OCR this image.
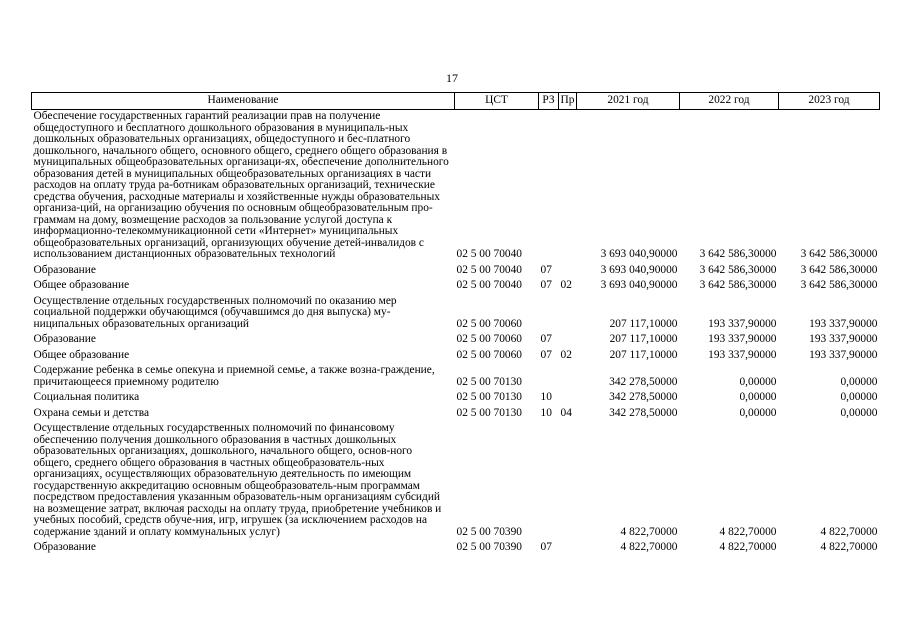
17
Наименование	ЦСТ	РЗ	Пр	2021 год	2022 год	2023 год
Обеспечение государственных гарантий реализации прав на получение общедоступного и бесплатного дошкольного образования в муниципаль-ных дошкольных образовательных организациях, общедоступного и бес-платного дошкольного, начального общего, основного общего, среднего общего образования в муниципальных общеобразовательных организаци-ях, обеспечение дополнительного образования детей в муниципальных общеобразовательных организациях в части расходов на оплату труда ра-ботникам образовательных организаций, технические средства обучения, расходные материалы и хозяйственные нужды образовательных организа-ций, на организацию обучения по основным общеобразовательным про-граммам на дому, возмещение расходов за пользование услугой доступа к информационно-телекоммуникационной сети «Интернет» муниципальных общеобразовательных организаций, организующих обучение детей-инвалидов с использованием дистанционных образовательных технологий	02 5 00 70040			3 693 040,90000	3 642 586,30000	3 642 586,30000
Образование	02 5 00 70040	07		3 693 040,90000	3 642 586,30000	3 642 586,30000
Общее образование	02 5 00 70040	07	02	3 693 040,90000	3 642 586,30000	3 642 586,30000
Осуществление отдельных государственных полномочий по оказанию мер социальной поддержки обучающимся (обучавшимся до дня выпуска) му-ниципальных образовательных организаций	02 5 00 70060			207 117,10000	193 337,90000	193 337,90000
Образование	02 5 00 70060	07		207 117,10000	193 337,90000	193 337,90000
Общее образование	02 5 00 70060	07	02	207 117,10000	193 337,90000	193 337,90000
Содержание ребенка в семье опекуна и приемной семье, а также возна-граждение, причитающееся приемному родителю	02 5 00 70130			342 278,50000	0,00000	0,00000
Социальная политика	02 5 00 70130	10		342 278,50000	0,00000	0,00000
Охрана семьи и детства	02 5 00 70130	10	04	342 278,50000	0,00000	0,00000
Осуществление отдельных государственных полномочий по финансовому обеспечению получения дошкольного образования в частных дошкольных образовательных организациях, дошкольного, начального общего, основ-ного общего, среднего общего образования в частных общеобразователь-ных организациях, осуществляющих образовательную деятельность по имеющим государственную аккредитацию основным общеобразователь-ным программам посредством предоставления указанным образователь-ным организациям субсидий на возмещение затрат, включая расходы на оплату труда, приобретение учебников и учебных пособий, средств обуче-ния, игр, игрушек (за исключением расходов на содержание зданий и оплату коммунальных услуг)	02 5 00 70390			4 822,70000	4 822,70000	4 822,70000
Образование	02 5 00 70390	07		4 822,70000	4 822,70000	4 822,70000
